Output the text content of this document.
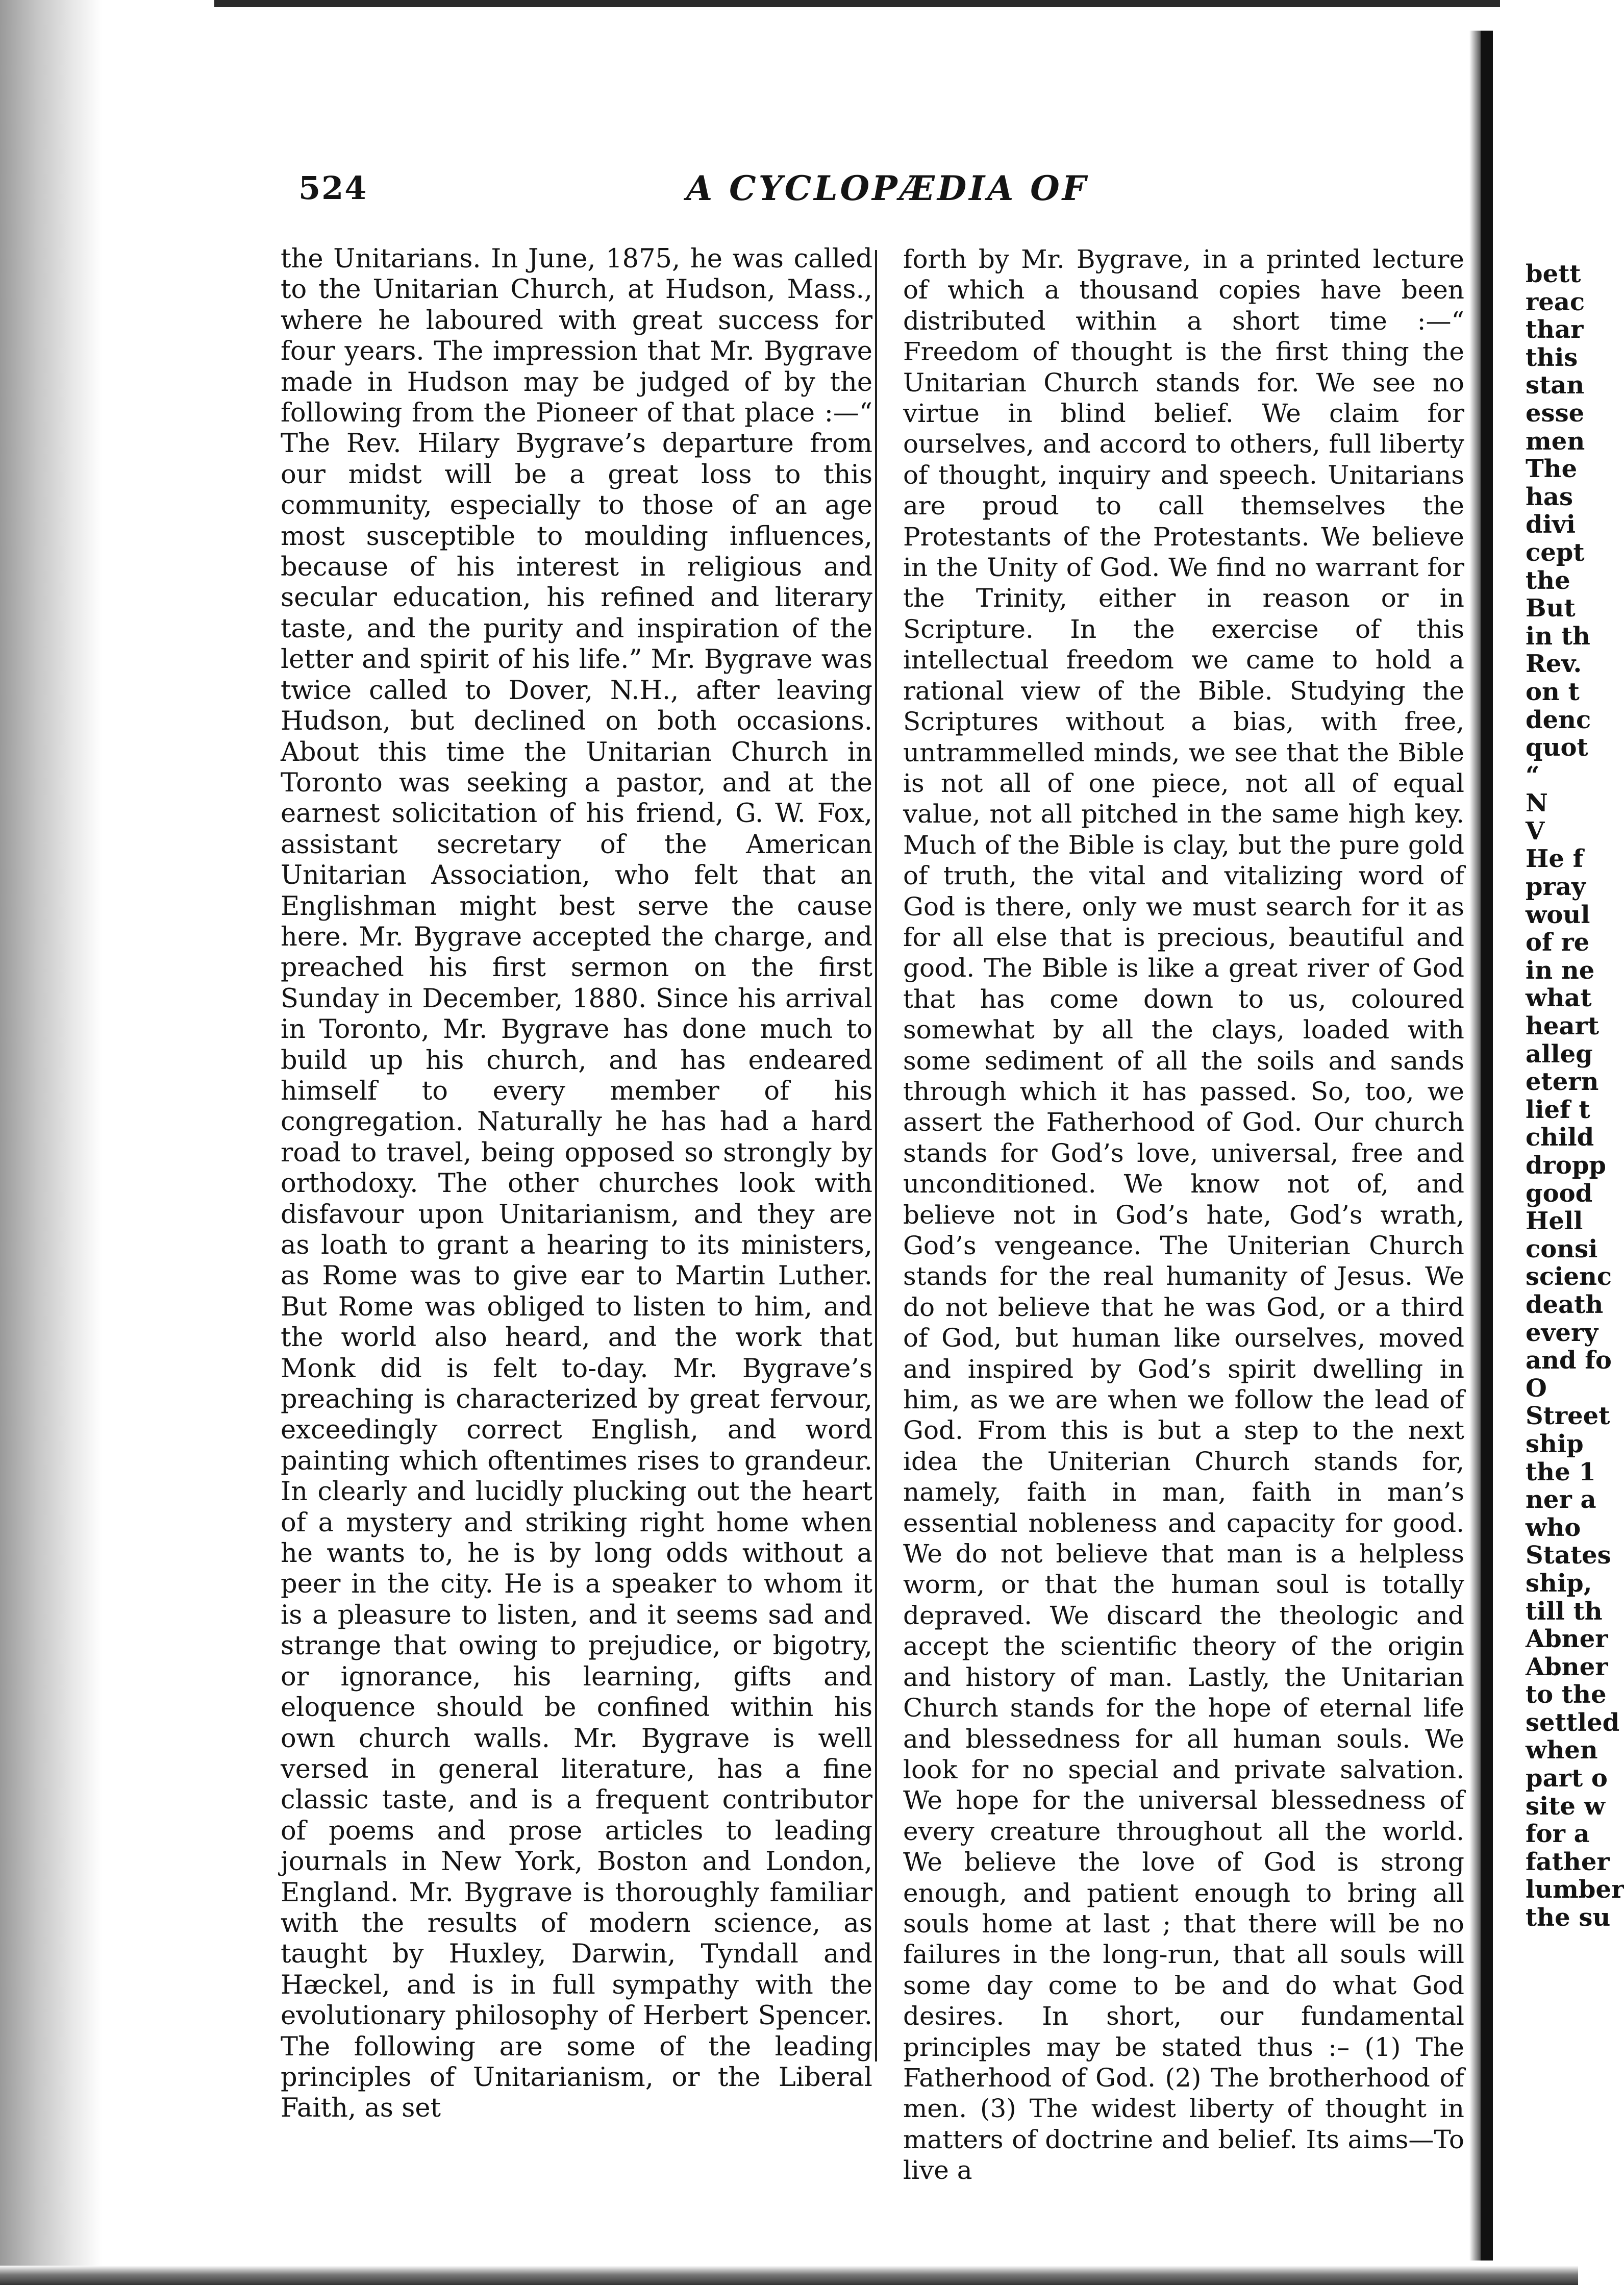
524	A CYCLOPÆDIA OF

the Unitarians. In June, 1875, he was called to the Unitarian Church, at Hudson, Mass., where he laboured with great success for four years. The impression that Mr. Bygrave made in Hudson may be judged of by the following from the Pioneer of that place :—“ The Rev. Hilary Bygrave’s departure from our midst will be a great loss to this community, especially to those of an age most susceptible to moulding influences, because of his interest in religious and secular education, his refined and literary taste, and the purity and inspiration of the letter and spirit of his life.” Mr. Bygrave was twice called to Dover, N.H., after leaving Hudson, but declined on both occasions. About this time the Unitarian Church in Toronto was seeking a pastor, and at the earnest solicitation of his friend, G. W. Fox, assistant secretary of the American Unitarian Association, who felt that an Englishman might best serve the cause here. Mr. Bygrave accepted the charge, and preached his first sermon on the first Sunday in December, 1880. Since his arrival in Toronto, Mr. Bygrave has done much to build up his church, and has endeared himself to every member of his congregation. Naturally he has had a hard road to travel, being opposed so strongly by orthodoxy. The other churches look with disfavour upon Unitarianism, and they are as loath to grant a hearing to its ministers, as Rome was to give ear to Martin Luther. But Rome was obliged to listen to him, and the world also heard, and the work that Monk did is felt to-day. Mr. Bygrave’s preaching is characterized by great fervour, exceedingly correct English, and word painting which oftentimes rises to grandeur. In clearly and lucidly plucking out the heart of a mystery and striking right home when he wants to, he is by long odds without a peer in the city. He is a speaker to whom it is a pleasure to listen, and it seems sad and strange that owing to prejudice, or bigotry, or ignorance, his learning, gifts and eloquence should be confined within his own church walls. Mr. Bygrave is well versed in general literature, has a fine classic taste, and is a frequent contributor of poems and prose articles to leading journals in New York, Boston and London, England. Mr. Bygrave is thoroughly familiar with the results of modern science, as taught by Huxley, Darwin, Tyndall and Hæckel, and is in full sympathy with the evolutionary philosophy of Herbert Spencer. The following are some of the leading principles of Unitarianism, or the Liberal Faith, as set

forth by Mr. Bygrave, in a printed lecture of which a thousand copies have been distributed within a short time :—“ Freedom of thought is the first thing the Unitarian Church stands for. We see no virtue in blind belief. We claim for ourselves, and accord to others, full liberty of thought, inquiry and speech. Unitarians are proud to call themselves the Protestants of the Protestants. We believe in the Unity of God. We find no warrant for the Trinity, either in reason or in Scripture. In the exercise of this intellectual freedom we came to hold a rational view of the Bible. Studying the Scriptures without a bias, with free, untrammelled minds, we see that the Bible is not all of one piece, not all of equal value, not all pitched in the same high key. Much of the Bible is clay, but the pure gold of truth, the vital and vitalizing word of God is there, only we must search for it as for all else that is precious, beautiful and good. The Bible is like a great river of God that has come down to us, coloured somewhat by all the clays, loaded with some sediment of all the soils and sands through which it has passed. So, too, we assert the Fatherhood of God. Our church stands for God’s love, universal, free and unconditioned. We know not of, and believe not in God’s hate, God’s wrath, God’s vengeance. The Uniterian Church stands for the real humanity of Jesus. We do not believe that he was God, or a third of God, but human like ourselves, moved and inspired by God’s spirit dwelling in him, as we are when we follow the lead of God. From this is but a step to the next idea the Uniterian Church stands for, namely, faith in man, faith in man’s essential nobleness and capacity for good. We do not believe that man is a helpless worm, or that the human soul is totally depraved. We discard the theologic and accept the scientific theory of the origin and history of man. Lastly, the Unitarian Church stands for the hope of eternal life and blessedness for all human souls. We look for no special and private salvation. We hope for the universal blessedness of every creature throughout all the world. We believe the love of God is strong enough, and patient enough to bring all souls home at last ; that there will be no failures in the long-run, that all souls will some day come to be and do what God desires. In short, our fundamental principles may be stated thus :– (1) The Fatherhood of God. (2) The brotherhood of men. (3) The widest liberty of thought in matters of doctrine and belief. Its aims—To live a

bett
reac
thar
this
stan
esse
men
The
has
divi
cept
the
But
in th
Rev.
on t
denc
quot
“
N
V
He f
pray
woul
of re
in ne
what
heart
alleg
etern
lief t
child
dropp
good
Hell
consi
scienc
death
every
and fo
O
Street
ship
the 1
ner a
who
States
ship,
till th
Abner
Abner
to the
settled
when
part o
site w
for a
father
lumber
the su
